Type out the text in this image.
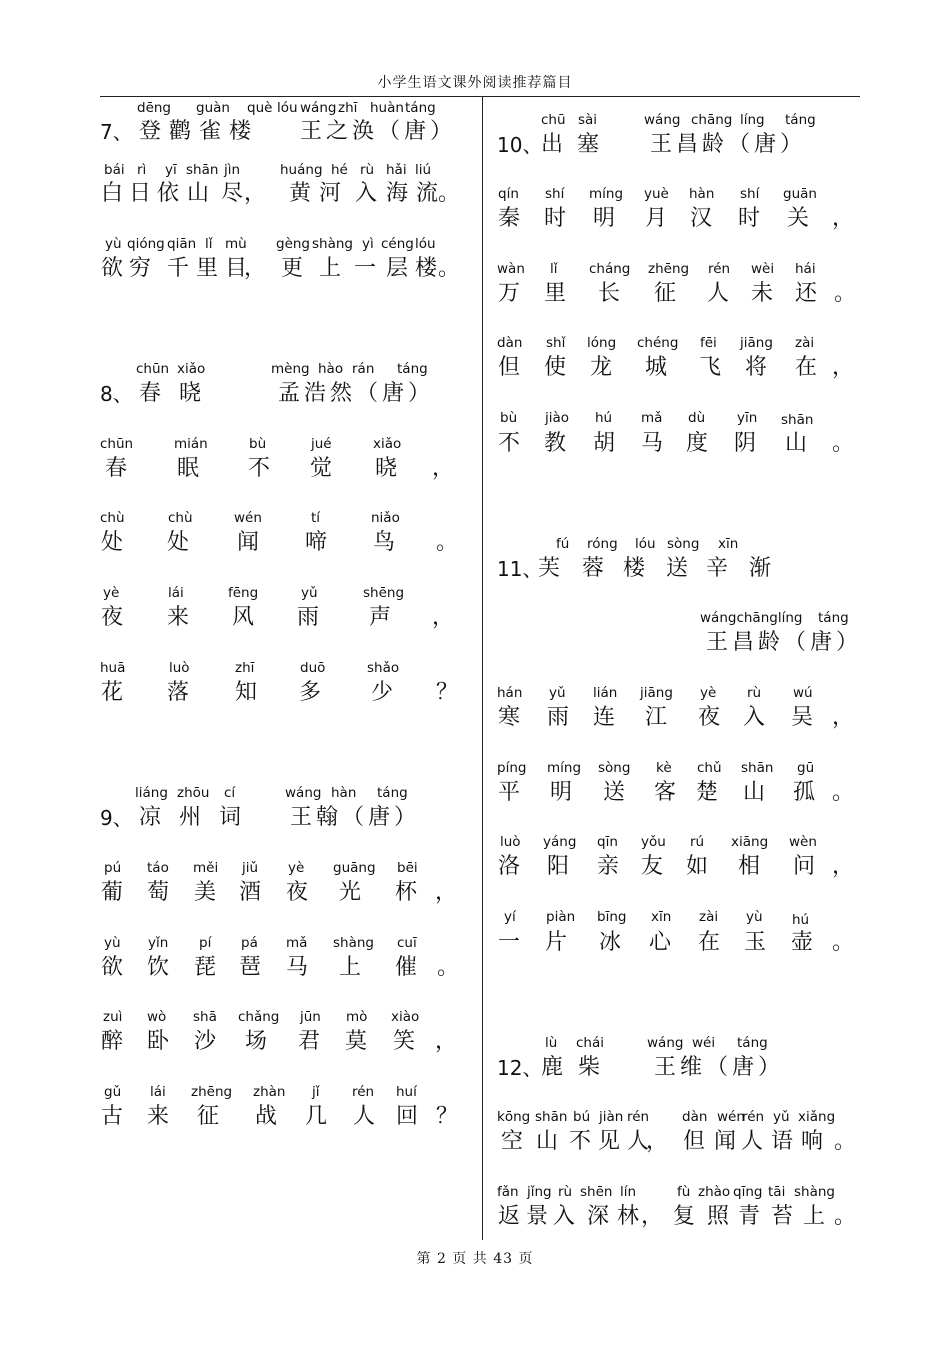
小学生语文课外阅读推荐篇目
dēng guàn què lóu
7、 登 鹳 雀 楼
wáng zhī huàn táng
王之涣（唐）
bái rì yī shān jìn	huáng hé rù hǎi liú
白 日 依 山 尽 ， 黄 河 入 海 流 。
yù qióng qiān lǐ mù gèng shàng yì céng lóu
欲 穷 千 里 目
， 更 上 一 层 楼 。
chūn xiǎo
8、 春 晓
mèng hào rán táng
孟浩然（唐）
chūn	mián	bù	jué	xiǎo
春 眠 不 觉 晓 ，
chù	chù	wén	tí	niǎo
处 处 闻 啼 鸟 。
yè	lái	fēng	yǔ	shēng
夜 来 风 雨 声 ，
huā	luò	zhī	duō	shǎo
花 落 知 多 少 ？
liáng zhōu cí
9、 凉 州 词
wáng hàn táng
王翰（唐）
pú táo měi jiǔ yè guāng bēi
葡 萄 美 酒 夜 光 杯 ，
yù yǐn pí pá mǎ shàng cuī
欲 饮 琵 琶 马 上 催 。
zuì wò shā chǎng jūn mò xiào
醉 卧 沙 场 君 莫 笑 ，
gǔ lái zhēng zhàn jǐ rén huí
古 来 征 战 几 人 回 ？
chū sài	wáng chāng líng táng
10、
出 塞 王昌龄（唐）
qín shí míng yuè hàn shí guān
秦 时 明 月 汉 时 关 ，
wàn lǐ cháng zhēng rén wèi hái
万 里 长 征 人 未 还 。
dàn shǐ lóng chéng fēi jiāng zài
但 使 龙 城 飞 将 在 ，
bù jiào hú mǎ dù yīn shān
不 教 胡 马 度 阴 山 。
fú róng lóu sòng xīn
11、
芙 蓉 楼 送 辛 渐
wángchānglíng táng
王昌龄（唐）
hán yǔ lián jiāng yè rù wú
寒 雨 连 江 夜 入 吴 ，
píng míng sòng kè chǔ shān gū
平 明 送 客 楚 山 孤 。
luò yáng qīn yǒu rú xiāng wèn
洛 阳 亲 友 如 相 问 ，
yí piàn bīng xīn zài yù hú
一 片 冰 心 在 玉 壶 。
lù chái	wáng wéi táng
12、
鹿 柴 王维（唐）
kōng shān bú jiàn rén dàn wén
rén yǔ xiǎng
空 山 不 见 人
， 但 闻 人 语 响 。
fǎn jǐng rù shēn lín	fù zhào qīng tāi shàng
返 景 入 深 林 ， 复 照 青 苔 上 。
第 2 页 共 43 页
